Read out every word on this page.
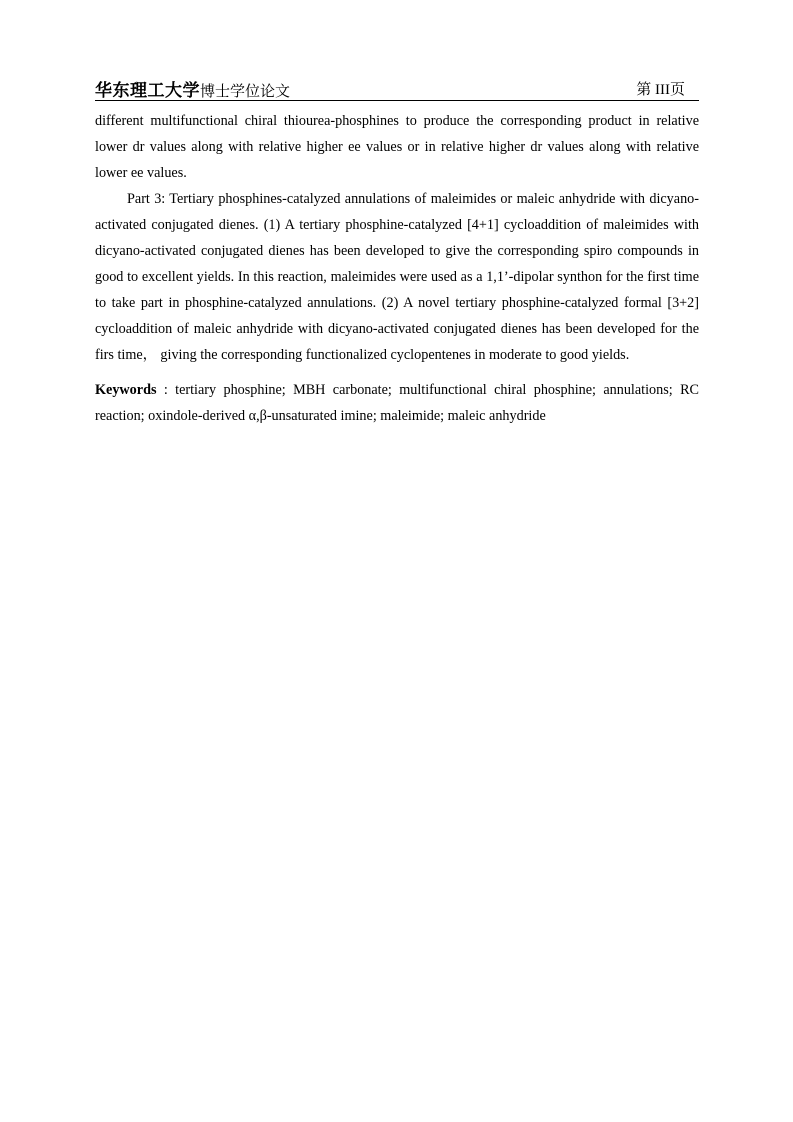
华东理工大学博士学位论文	第 III页

different multifunctional chiral thiourea-phosphines to produce the corresponding product in relative lower dr values along with relative higher ee values or in relative higher dr values along with relative lower ee values.

Part 3: Tertiary phosphines-catalyzed annulations of maleimides or maleic anhydride with dicyano-activated conjugated dienes. (1) A tertiary phosphine-catalyzed [4+1] cycloaddition of maleimides with dicyano-activated conjugated dienes has been developed to give the corresponding spiro compounds in good to excellent yields. In this reaction, maleimides were used as a 1,1’-dipolar synthon for the first time to take part in phosphine-catalyzed annulations. (2) A novel tertiary phosphine-catalyzed formal [3+2] cycloaddition of maleic anhydride with dicyano-activated conjugated dienes has been developed for the firs time， giving the corresponding functionalized cyclopentenes in moderate to good yields.

Keywords : tertiary phosphine; MBH carbonate; multifunctional chiral phosphine; annulations; RC reaction; oxindole-derived α,β-unsaturated imine; maleimide; maleic anhydride
